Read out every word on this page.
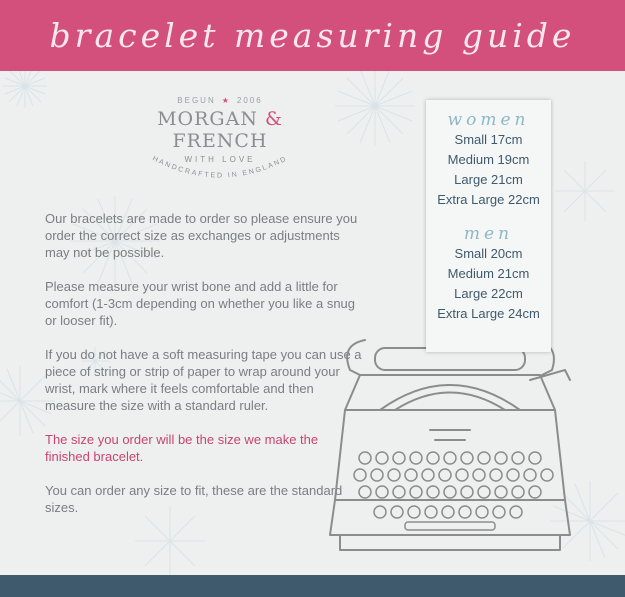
bracelet measuring guide
BEGUN ★ 2006
MORGAN & FRENCH
WITH LOVE
HANDCRAFTED IN ENGLAND

Our bracelets are made to order so please ensure you order the correct size as exchanges or adjustments may not be possible.

Please measure your wrist bone and add a little for comfort (1-3cm depending on whether you like a snug or looser fit).

If you do not have a soft measuring tape you can use a piece of string or strip of paper to wrap around your wrist, mark where it feels comfortable and then measure the size with a standard ruler.

The size you order will be the size we make the finished bracelet.

You can order any size to fit, these are the standard sizes.

women
Small 17cm
Medium 19cm
Large 21cm
Extra Large 22cm
men
Small 20cm
Medium 21cm
Large 22cm
Extra Large 24cm
